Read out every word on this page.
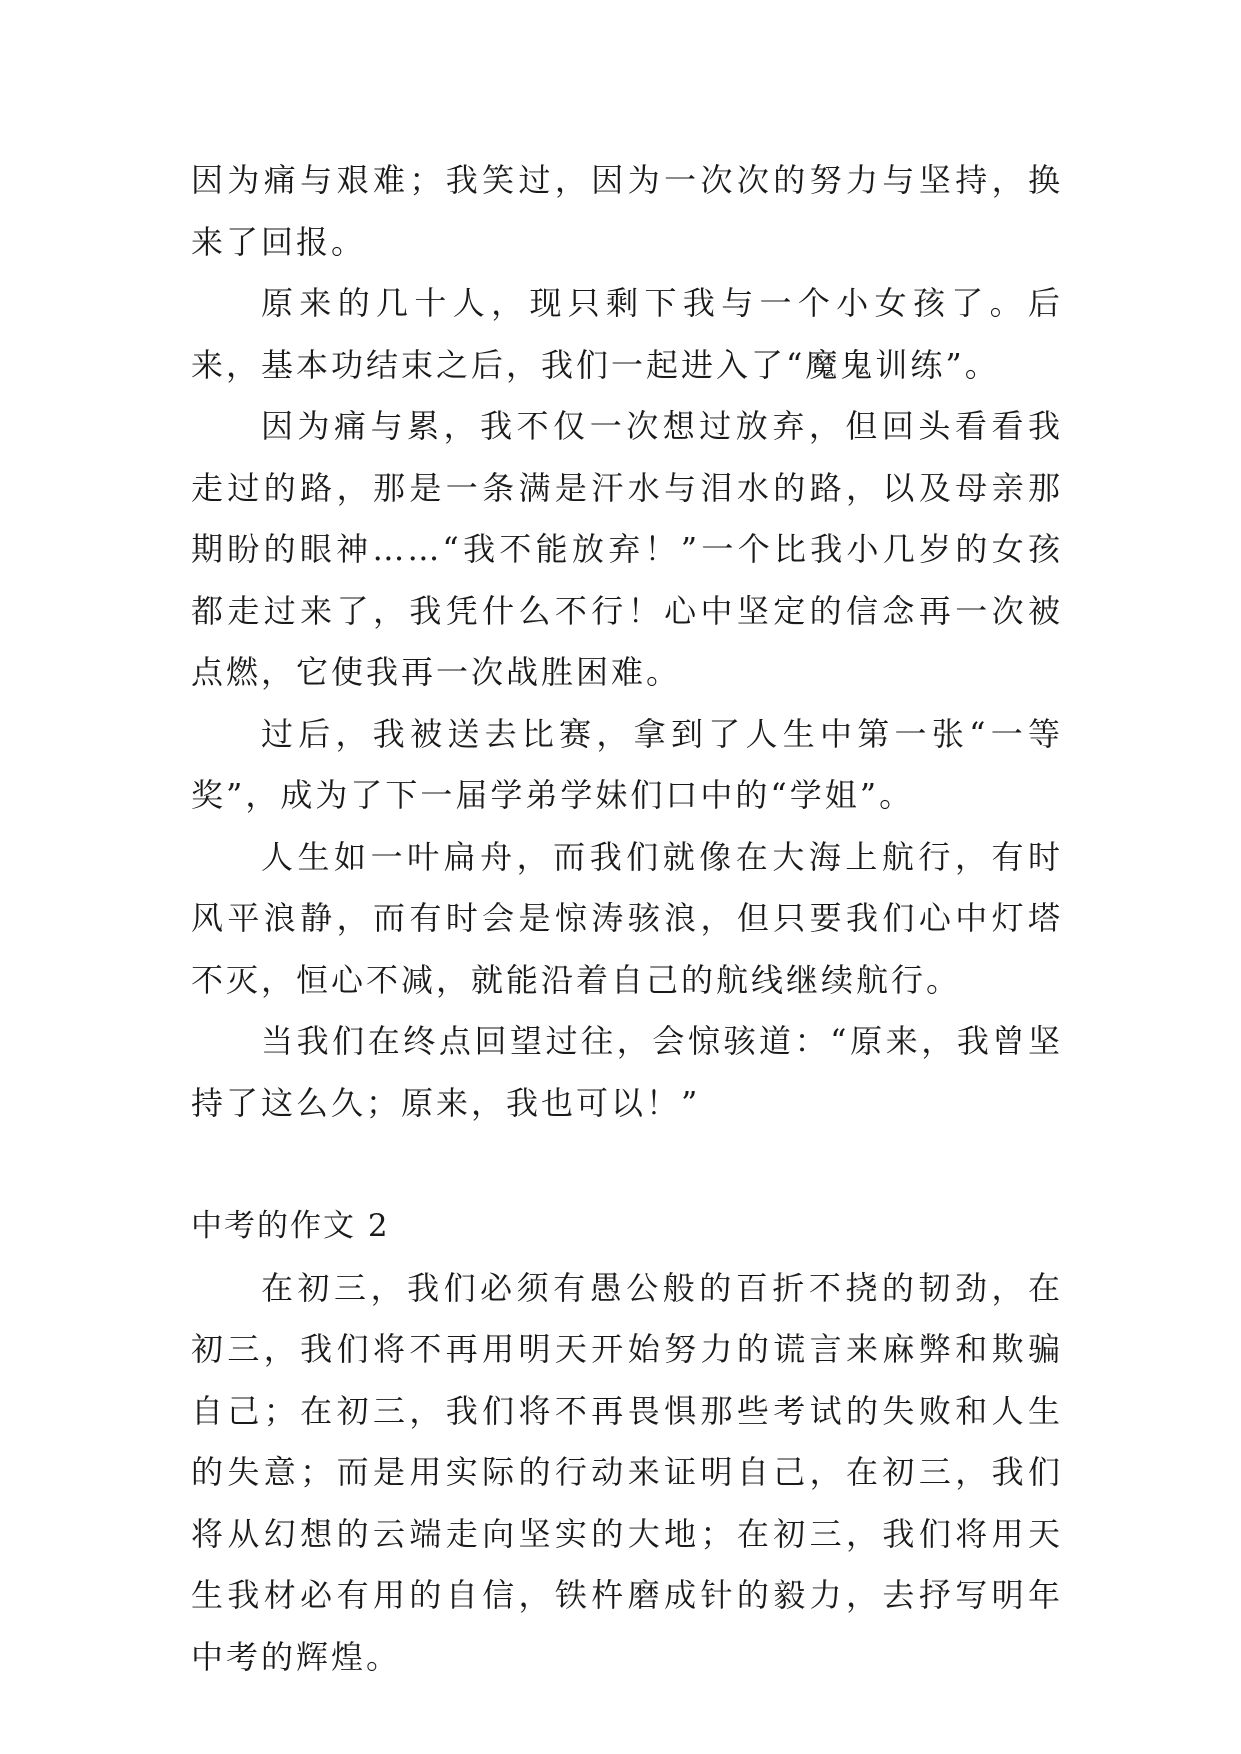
因为痛与艰难；我笑过，因为一次次的努力与坚持，换来了回报。

原来的几十人，现只剩下我与一个小女孩了。后来，基本功结束之后，我们一起进入了“魔鬼训练”。

因为痛与累，我不仅一次想过放弃，但回头看看我走过的路，那是一条满是汗水与泪水的路，以及母亲那期盼的眼神……“我不能放弃！”一个比我小几岁的女孩都走过来了，我凭什么不行！心中坚定的信念再一次被点燃，它使我再一次战胜困难。

过后，我被送去比赛，拿到了人生中第一张“一等奖”，成为了下一届学弟学妹们口中的“学姐”。

人生如一叶扁舟，而我们就像在大海上航行，有时风平浪静，而有时会是惊涛骇浪，但只要我们心中灯塔不灭，恒心不减，就能沿着自己的航线继续航行。

当我们在终点回望过往，会惊骇道：“原来，我曾坚持了这么久；原来，我也可以！”

中考的作文 2

在初三，我们必须有愚公般的百折不挠的韧劲，在初三，我们将不再用明天开始努力的谎言来麻弊和欺骗自己；在初三，我们将不再畏惧那些考试的失败和人生的失意；而是用实际的行动来证明自己，在初三，我们将从幻想的云端走向坚实的大地；在初三，我们将用天生我材必有用的自信，铁杵磨成针的毅力，去抒写明年中考的辉煌。
